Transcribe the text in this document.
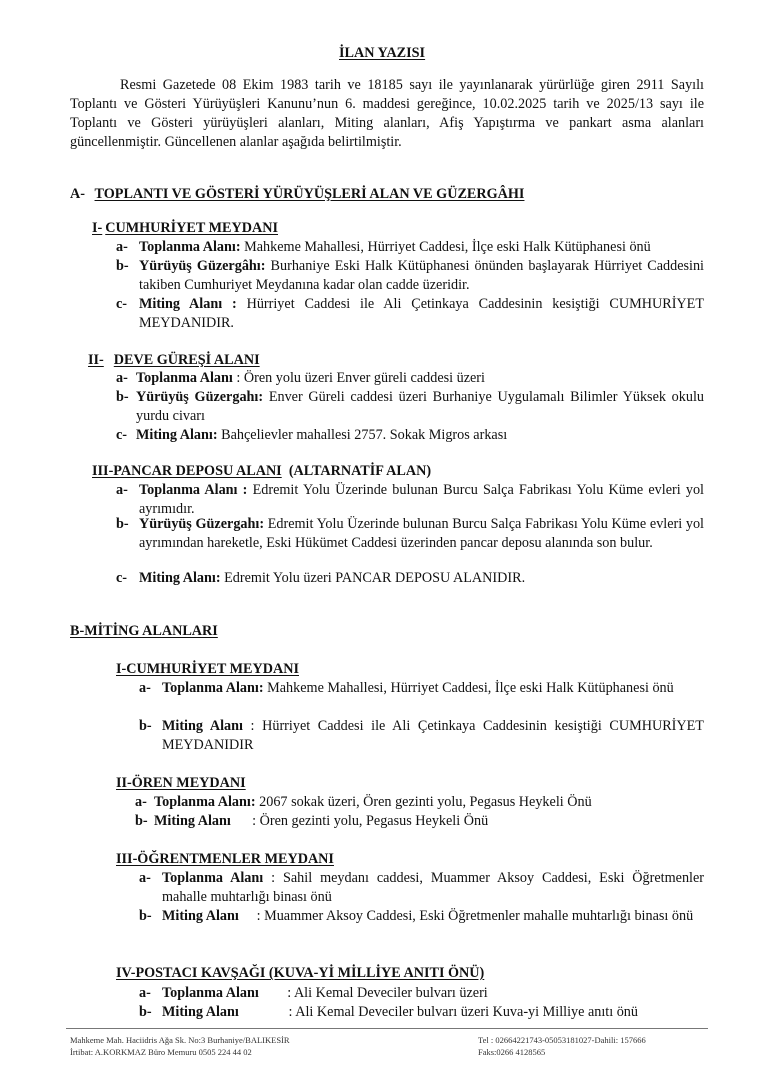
İLAN YAZISI
Resmi Gazetede 08 Ekim 1983 tarih ve 18185 sayı ile yayınlanarak yürürlüğe giren 2911 Sayılı Toplantı ve Gösteri Yürüyüşleri Kanunu’nun 6. maddesi gereğince, 10.02.2025 tarih ve 2025/13 sayı ile Toplantı ve Gösteri yürüyüşleri alanları, Miting alanları, Afiş Yapıştırma ve pankart asma alanları güncellenmiştir. Güncellenen alanlar aşağıda belirtilmiştir.
A- TOPLANTI VE GÖSTERİ YÜRÜYÜŞLERİ ALAN VE GÜZERGÂHI
I- CUMHURİYET MEYDANI
a- Toplanma Alanı: Mahkeme Mahallesi, Hürriyet Caddesi, İlçe eski Halk Kütüphanesi önü
b- Yürüyüş Güzergâhı: Burhaniye Eski Halk Kütüphanesi önünden başlayarak Hürriyet Caddesini takiben Cumhuriyet Meydanına kadar olan cadde üzeridir.
c- Miting Alanı : Hürriyet Caddesi ile Ali Çetinkaya Caddesinin kesiştiği CUMHURİYET MEYDANIDIR.
II- DEVE GÜREŞİ ALANI
a- Toplanma Alanı : Ören yolu üzeri Enver güreli caddesi üzeri
b- Yürüyüş Güzergahı: Enver Güreli caddesi üzeri Burhaniye Uygulamalı Bilimler Yüksek okulu yurdu civarı
c- Miting Alanı: Bahçelievler mahallesi 2757. Sokak Migros arkası
III-PANCAR DEPOSU ALANI  (ALTARNATİF ALAN)
a- Toplanma Alanı : Edremit Yolu Üzerinde bulunan Burcu Salça Fabrikası Yolu Küme evleri yol ayrımıdır.
b- Yürüyüş Güzergahı: Edremit Yolu Üzerinde bulunan Burcu Salça Fabrikası Yolu Küme evleri yol ayrımından hareketle, Eski Hükümet Caddesi üzerinden pancar deposu alanında son bulur.
c- Miting Alanı: Edremit Yolu üzeri PANCAR DEPOSU ALANIDIR.
B-MİTİNG ALANLARI
I-CUMHURİYET MEYDANI
a- Toplanma Alanı: Mahkeme Mahallesi, Hürriyet Caddesi, İlçe eski Halk Kütüphanesi önü
b- Miting Alanı : Hürriyet Caddesi ile Ali Çetinkaya Caddesinin kesiştiği CUMHURİYET MEYDANIDIR
II-ÖREN MEYDANI
a- Toplanma Alanı: 2067 sokak üzeri, Ören gezinti yolu, Pegasus Heykeli Önü
b- Miting Alanı      : Ören gezinti yolu, Pegasus Heykeli Önü
III-ÖĞRENTMENLER MEYDANI
a- Toplanma Alanı : Sahil meydanı caddesi, Muammer Aksoy Caddesi, Eski Öğretmenler mahalle muhtarlığı binası önü
b- Miting Alanı     : Muammer Aksoy Caddesi, Eski Öğretmenler mahalle muhtarlığı binası önü
IV-POSTACI KAVŞAĞI (KUVA-Yİ MİLLİYE ANITI ÖNÜ)
a- Toplanma Alanı        : Ali Kemal Deveciler bulvarı üzeri
b- Miting Alanı              : Ali Kemal Deveciler bulvarı üzeri Kuva-yi Milliye anıtı önü
Mahkeme Mah. Haciidris Ağa Sk. No:3 Burhaniye/BALIKESİR
İrtibat: A.KORKMAZ Büro Memuru 0505 224 44 02
Tel : 02664221743-05053181027-Dahili: 157666
Faks:0266 4128565
